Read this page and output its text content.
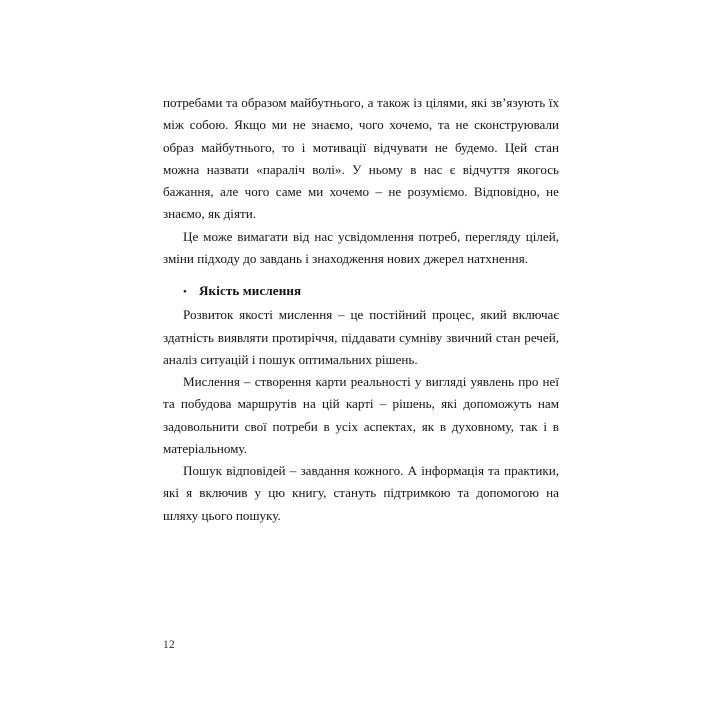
потребами та образом майбутнього, а також із цілями, які зв’язують їх між собою. Якщо ми не знаємо, чого хочемо, та не сконструювали образ майбутнього, то і мотивації відчувати не будемо. Цей стан можна назвати «параліч волі». У ньому в нас є відчуття якогось бажання, але чого саме ми хочемо – не розуміємо. Відповідно, не знаємо, як діяти.

Це може вимагати від нас усвідомлення потреб, перегляду цілей, зміни підходу до завдань і знаходження нових джерел натхнення.

• Якість мислення

Розвиток якості мислення – це постійний процес, який включає здатність виявляти протиріччя, піддавати сумніву звичний стан речей, аналіз ситуацій і пошук оптимальних рішень.

Мислення – створення карти реальності у вигляді уявлень про неї та побудова маршрутів на цій карті – рішень, які допоможуть нам задовольнити свої потреби в усіх аспектах, як в духовному, так і в матеріальному.

Пошук відповідей – завдання кожного. А інформація та практики, які я включив у цю книгу, стануть підтримкою та допомогою на шляху цього пошуку.

12
